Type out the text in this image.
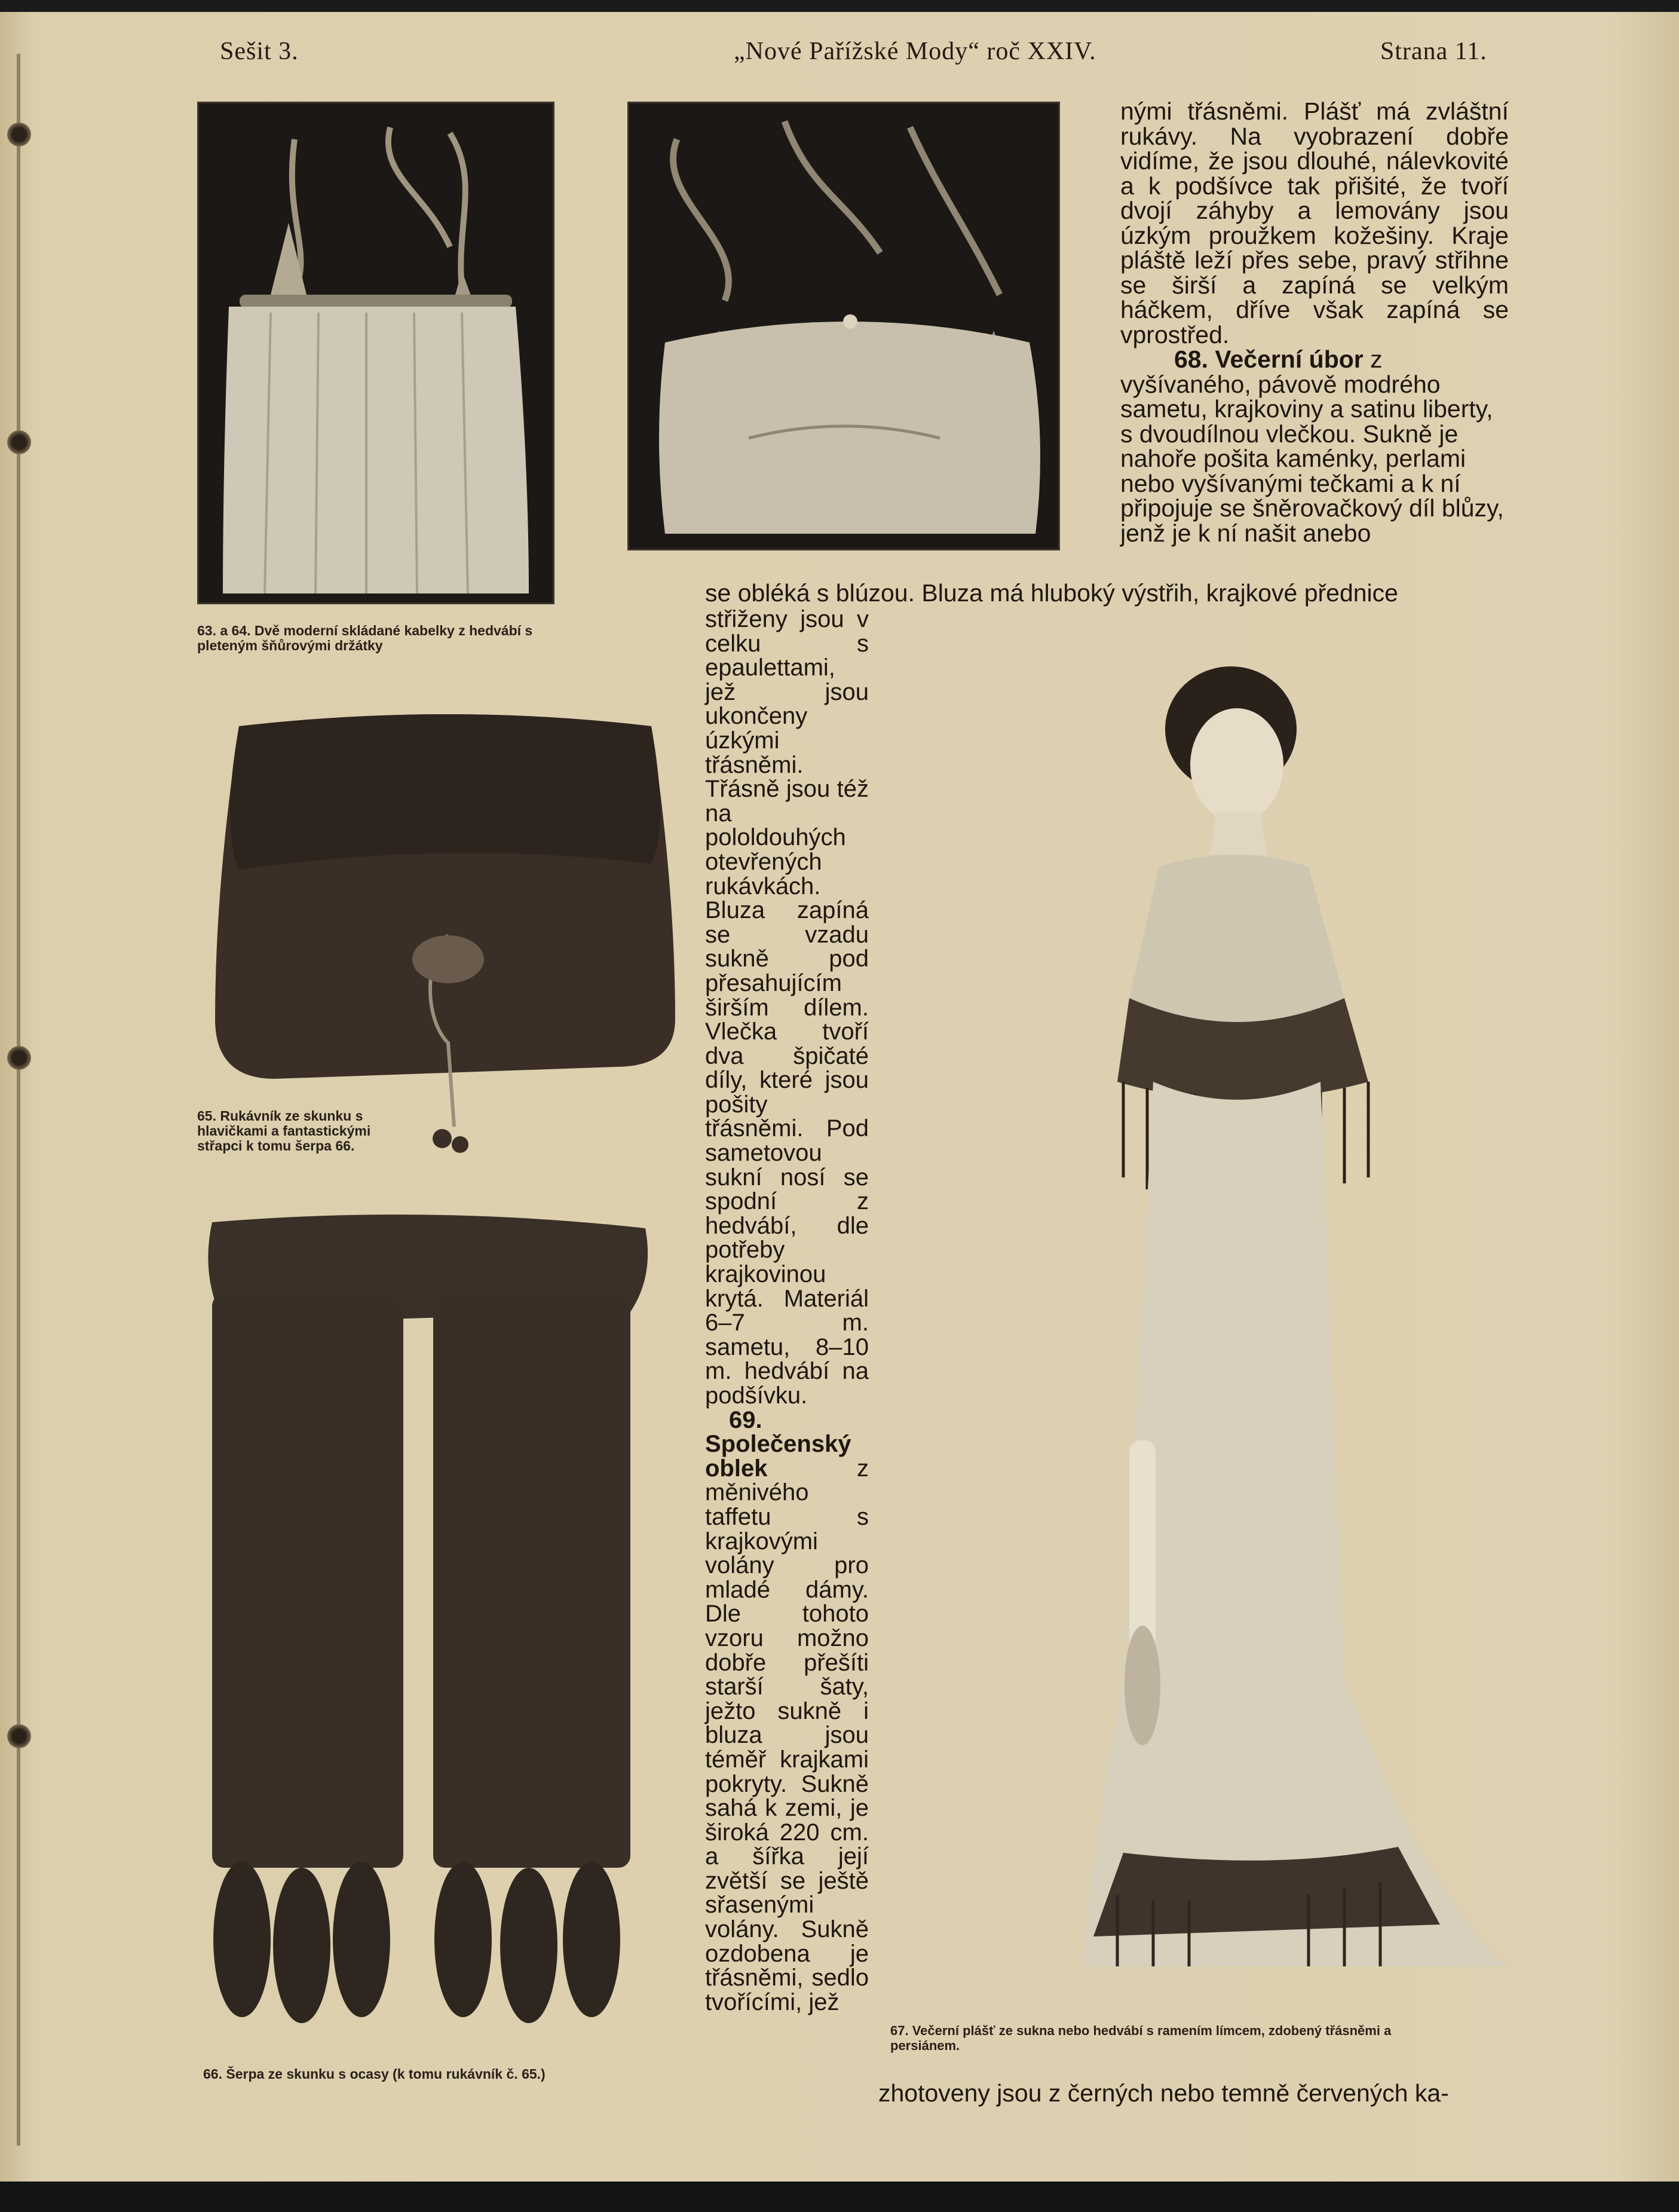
Sešit 3.	„Nové Pařížské Mody“ roč XXIV.	Strana 11.
63. a 64. Dvě moderní skládané kabelky z hedvábí s pleteným šňůrovými držátky
65. Rukávník ze skunku s hlavičkami a fantastickými střapci k tomu šerpa 66.
66. Šerpa ze skunku s ocasy (k tomu rukávník č. 65.)
67. Večerní plášť ze sukna nebo hedvábí s ramením límcem, zdobený třásněmi a persiánem.

nými třásněmi. Plášť má zvláštní rukávy. Na vyobrazení dobře vidíme, že jsou dlouhé, nálevkovité a k podšívce tak přišité, že tvoří dvojí záhyby a lemovány jsou úzkým proužkem kožešiny. Kraje pláště leží přes sebe, pravý střihne se širší a zapíná se velkým háčkem, dříve však zapíná se vprostřed.

68. Večerní úbor z vyšívaného, pávově modrého sametu, krajkoviny a satinu liberty, s dvoudílnou vlečkou. Sukně je nahoře pošita kaménky, perlami nebo vyšívanými tečkami a k ní připojuje se šněrovačkový díl blůzy, jenž je k ní našit anebo

se obléká s blúzou. Bluza má hluboký výstřih, krajkové přednice

střiženy jsou v celku s epaulettami, jež jsou ukončeny úzkými třásněmi. Třásně jsou též na pololdouhých otevřených rukávkách. Bluza zapíná se vzadu sukně pod přesahujícím širším dílem. Vlečka tvoří dva špičaté díly, které jsou pošity třásněmi. Pod sametovou sukní nosí se spodní z hedvábí, dle potřeby krajkovinou krytá. Materiál 6–7 m. sametu, 8–10 m. hedvábí na podšívku.

69. Společenský oblek z měnivého taffetu s krajkovými volány pro mladé dámy. Dle tohoto vzoru možno dobře přešíti starší šaty, ježto sukně i bluza jsou téměř krajkami pokryty. Sukně sahá k zemi, je široká 220 cm. a šířka její zvětší se ještě sřasenými volány. Sukně ozdobena je třásněmi, sedlo tvořícími, jež

zhotoveny jsou z černých nebo temně červených ka-
